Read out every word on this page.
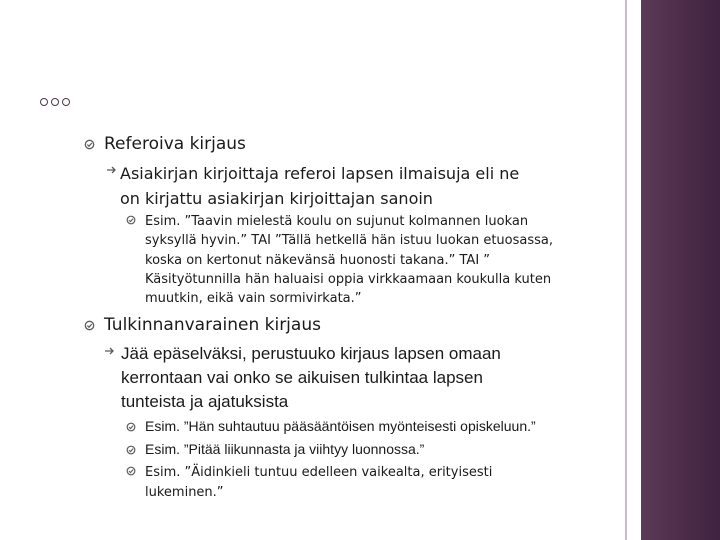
Referoiva kirjaus
Asiakirjan kirjoittaja referoi lapsen ilmaisuja eli ne
on kirjattu asiakirjan kirjoittajan sanoin
Esim. ”Taavin mielestä koulu on sujunut kolmannen luokan
syksyllä hyvin.” TAI ”Tällä hetkellä hän istuu luokan etuosassa,
koska on kertonut näkevänsä huonosti takana.” TAI ”
Käsityötunnilla hän haluaisi oppia virkkaamaan koukulla kuten
muutkin, eikä vain sormivirkata.”
Tulkinnanvarainen kirjaus
Jää epäselväksi, perustuuko kirjaus lapsen omaan
kerrontaan vai onko se aikuisen tulkintaa lapsen
tunteista ja ajatuksista
Esim. ”Hän suhtautuu pääsääntöisen myönteisesti opiskeluun.”
Esim. ”Pitää liikunnasta ja viihtyy luonnossa.”
Esim. ”Äidinkieli tuntuu edelleen vaikealta, erityisesti
lukeminen.”
